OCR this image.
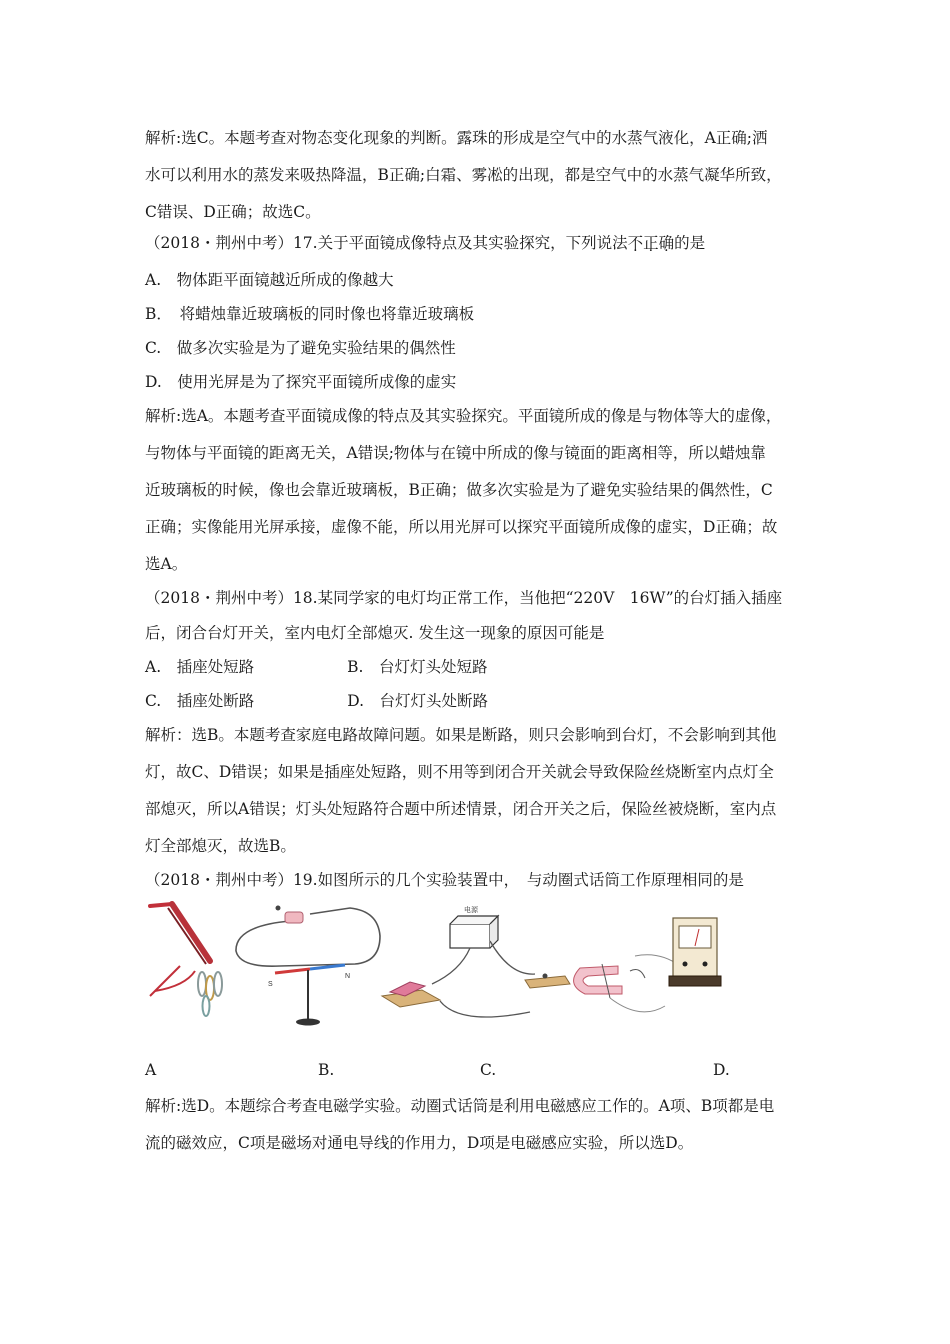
解析:选C。本题考查对物态变化现象的判断。露珠的形成是空气中的水蒸气液化，A正确;洒
水可以利用水的蒸发来吸热降温，B正确;白霜、雾凇的出现，都是空气中的水蒸气凝华所致，
C错误、D正确；故选C。
（2018・荆州中考）17.关于平面镜成像特点及其实验探究，下列说法不正确的是
A.　物体距平面镜越近所成的像越大
B．　将蜡烛靠近玻璃板的同时像也将靠近玻璃板
C.　做多次实验是为了避免实验结果的偶然性
D.　使用光屏是为了探究平面镜所成像的虚实
解析:选A。本题考查平面镜成像的特点及其实验探究。平面镜所成的像是与物体等大的虚像，
与物体与平面镜的距离无关，A错误;物体与在镜中所成的像与镜面的距离相等，所以蜡烛靠
近玻璃板的时候，像也会靠近玻璃板，B正确；做多次实验是为了避免实验结果的偶然性，C
正确；实像能用光屏承接，虚像不能，所以用光屏可以探究平面镜所成像的虚实，D正确；故
选A。
（2018・荆州中考）18.某同学家的电灯均正常工作，当他把“220V　16W”的台灯插入插座
后，闭合台灯开关，室内电灯全部熄灭. 发生这一现象的原因可能是
A.　插座处短路　　　　　　B.　台灯灯头处短路
C.　插座处断路　　　　　　D.　台灯灯头处断路
解析：选B。本题考查家庭电路故障问题。如果是断路，则只会影响到台灯，不会影响到其他
灯，故C、D错误；如果是插座处短路，则不用等到闭合开关就会导致保险丝烧断室内点灯全
部熄灭，所以A错误；灯头处短路符合题中所述情景，闭合开关之后，保险丝被烧断，室内点
灯全部熄灭，故选B。
（2018・荆州中考）19.如图所示的几个实验装置中，　与动圈式话筒工作原理相同的是
N
S
电源
A	B.	C.	D.
解析:选D。本题综合考查电磁学实验。动圈式话筒是利用电磁感应工作的。A项、B项都是电
流的磁效应，C项是磁场对通电导线的作用力，D项是电磁感应实验，所以选D。
